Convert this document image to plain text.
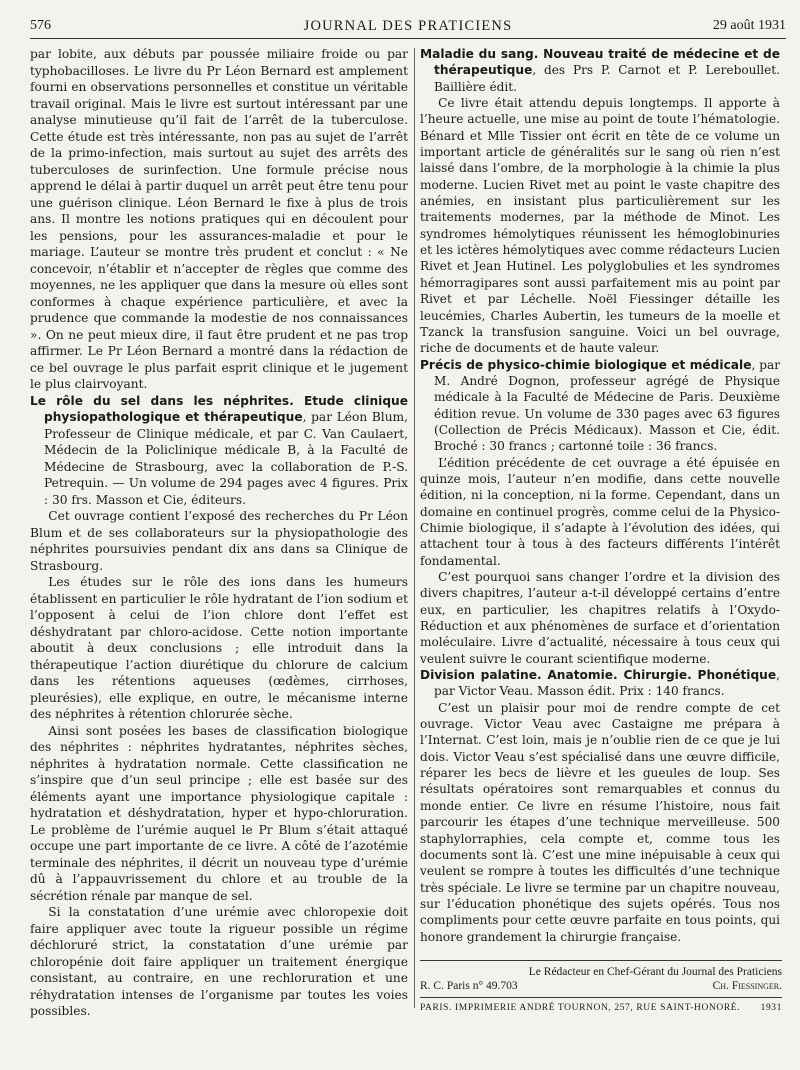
576	JOURNAL DES PRATICIENS	29 août 1931

par lobite, aux débuts par poussée miliaire froide ou par typhobacilloses. Le livre du Pr Léon Bernard est amplement fourni en observations personnelles et constitue un véritable travail original. Mais le livre est surtout intéressant par une analyse minutieuse qu’il fait de l’arrêt de la tuberculose. Cette étude est très intéressante, non pas au sujet de l’arrêt de la primo-infection, mais surtout au sujet des arrêts des tuberculoses de surinfection. Une formule précise nous apprend le délai à partir duquel un arrêt peut être tenu pour une guérison clinique. Léon Bernard le fixe à plus de trois ans. Il montre les notions pratiques qui en découlent pour les pensions, pour les assurances-maladie et pour le mariage. L’auteur se montre très prudent et conclut : « Ne concevoir, n’établir et n’accepter de règles que comme des moyennes, ne les appliquer que dans la mesure où elles sont conformes à chaque expérience particulière, et avec la prudence que commande la modestie de nos connaissances ». On ne peut mieux dire, il faut être prudent et ne pas trop affirmer. Le Pr Léon Bernard a montré dans la rédaction de ce bel ouvrage le plus parfait esprit clinique et le jugement le plus clairvoyant.

Le rôle du sel dans les néphrites. Etude clinique physiopathologique et thérapeutique, par Léon Blum, Professeur de Clinique médicale, et par C. Van Caulaert, Médecin de la Policlinique médicale B, à la Faculté de Médecine de Strasbourg, avec la collaboration de P.-S. Petrequin. — Un volume de 294 pages avec 4 figures. Prix : 30 frs. Masson et Cie, éditeurs.

Cet ouvrage contient l’exposé des recherches du Pr Léon Blum et de ses collaborateurs sur la physiopathologie des néphrites poursuivies pendant dix ans dans sa Clinique de Strasbourg.

Les études sur le rôle des ions dans les humeurs établissent en particulier le rôle hydratant de l’ion sodium et l’opposent à celui de l’ion chlore dont l’effet est déshydratant par chloro-acidose. Cette notion importante aboutit à deux conclusions ; elle introduit dans la thérapeutique l’action diurétique du chlorure de calcium dans les rétentions aqueuses (œdèmes, cirrhoses, pleurésies), elle explique, en outre, le mécanisme interne des néphrites à rétention chlorurée sèche.

Ainsi sont posées les bases de classification biologique des néphrites : néphrites hydratantes, néphrites sèches, néphrites à hydratation normale. Cette classification ne s’inspire que d’un seul principe ; elle est basée sur des éléments ayant une importance physiologique capitale : hydratation et déshydratation, hyper et hypo-chloruration. Le problème de l’urémie auquel le Pr Blum s’était attaqué occupe une part importante de ce livre. A côté de l’azotémie terminale des néphrites, il décrit un nouveau type d’urémie dû à l’appauvrissement du chlore et au trouble de la sécrétion rénale par manque de sel.

Si la constatation d’une urémie avec chloropexie doit faire appliquer avec toute la rigueur possible un régime déchloruré strict, la constatation d’une urémie par chloropénie doit faire appliquer un traitement énergique consistant, au contraire, en une rechloruration et une réhydratation intenses de l’organisme par toutes les voies possibles.

Maladie du sang. Nouveau traité de médecine et de thérapeutique, des Prs P. Carnot et P. Lereboullet. Baillière édit.

Ce livre était attendu depuis longtemps. Il apporte à l’heure actuelle, une mise au point de toute l’hématologie. Bénard et Mlle Tissier ont écrit en tête de ce volume un important article de généralités sur le sang où rien n’est laissé dans l’ombre, de la morphologie à la chimie la plus moderne. Lucien Rivet met au point le vaste chapitre des anémies, en insistant plus particulièrement sur les traitements modernes, par la méthode de Minot. Les syndromes hémolytiques réunissent les hémoglobinuries et les ictères hémolytiques avec comme rédacteurs Lucien Rivet et Jean Hutinel. Les polyglobulies et les syndromes hémorragipares sont aussi parfaitement mis au point par Rivet et par Léchelle. Noël Fiessinger détaille les leucémies, Charles Aubertin, les tumeurs de la moelle et Tzanck la transfusion sanguine. Voici un bel ouvrage, riche de documents et de haute valeur.

Précis de physico-chimie biologique et médicale, par M. André Dognon, professeur agrégé de Physique médicale à la Faculté de Médecine de Paris. Deuxième édition revue. Un volume de 330 pages avec 63 figures (Collection de Précis Médicaux). Masson et Cie, édit. Broché : 30 francs ; cartonné toile : 36 francs.

L’édition précédente de cet ouvrage a été épuisée en quinze mois, l’auteur n’en modifie, dans cette nouvelle édition, ni la conception, ni la forme. Cependant, dans un domaine en continuel progrès, comme celui de la Physico-Chimie biologique, il s’adapte à l’évolution des idées, qui attachent tour à tous à des facteurs différents l’intérêt fondamental.

C’est pourquoi sans changer l’ordre et la division des divers chapitres, l’auteur a-t-il développé certains d’entre eux, en particulier, les chapitres relatifs à l’Oxydo-Réduction et aux phénomènes de surface et d’orientation moléculaire. Livre d’actualité, nécessaire à tous ceux qui veulent suivre le courant scientifique moderne.

Division palatine. Anatomie. Chirurgie. Phonétique, par Victor Veau. Masson édit. Prix : 140 francs.

C’est un plaisir pour moi de rendre compte de cet ouvrage. Victor Veau avec Castaigne me prépara à l’Internat. C’est loin, mais je n’oublie rien de ce que je lui dois. Victor Veau s’est spécialisé dans une œuvre difficile, réparer les becs de lièvre et les gueules de loup. Ses résultats opératoires sont remarquables et connus du monde entier. Ce livre en résume l’histoire, nous fait parcourir les étapes d’une technique merveilleuse. 500 staphylorraphies, cela compte et, comme tous les documents sont là. C’est une mine inépuisable à ceux qui veulent se rompre à toutes les difficultés d’une technique très spéciale. Le livre se termine par un chapitre nouveau, sur l’éducation phonétique des sujets opérés. Tous nos compliments pour cette œuvre parfaite en tous points, qui honore grandement la chirurgie française.

Le Rédacteur en Chef-Gérant du Journal des Praticiens
R. C. Paris n° 49.703	Ch. Fiessinger.
PARIS. IMPRIMERIE ANDRÉ TOURNON, 257, RUE SAINT-HONORÉ. 1931
